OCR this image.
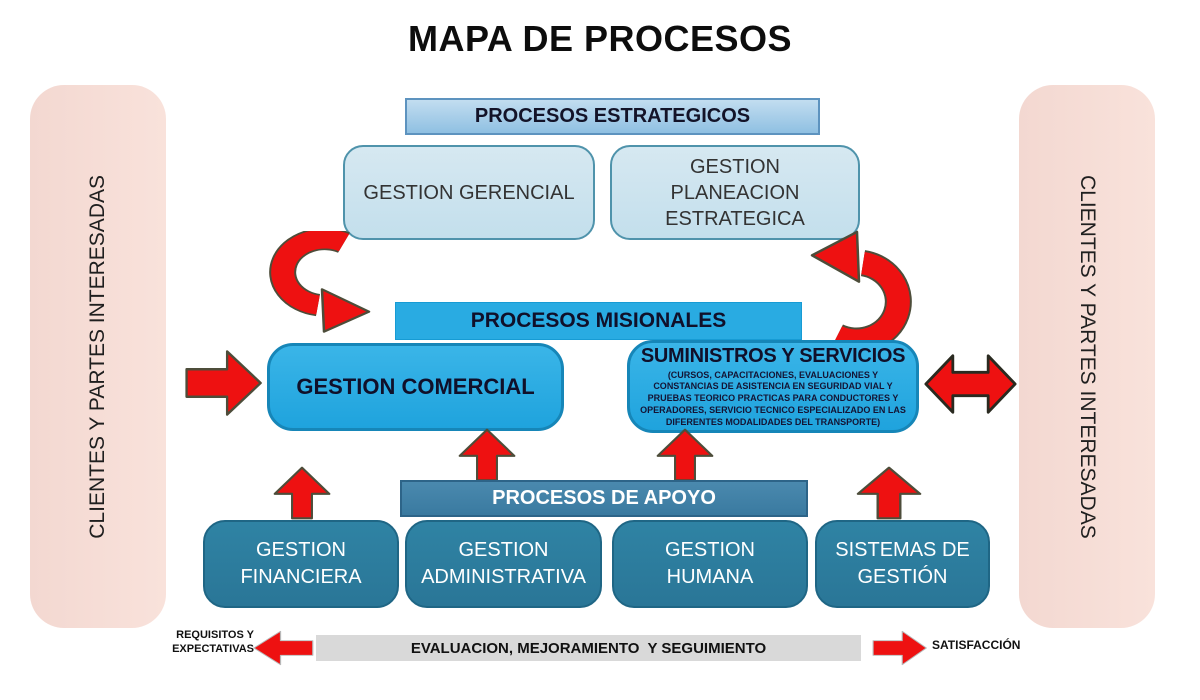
MAPA DE PROCESOS
CLIENTES Y PARTES INTERESADAS	CLIENTES Y PARTES INTERESADAS
PROCESOS ESTRATEGICOS
GESTION GERENCIAL
GESTION PLANEACION ESTRATEGICA
PROCESOS MISIONALES
GESTION COMERCIAL
SUMINISTROS Y SERVICIOS
(CURSOS, CAPACITACIONES, EVALUACIONES Y CONSTANCIAS DE ASISTENCIA EN SEGURIDAD VIAL Y PRUEBAS TEORICO PRACTICAS PARA CONDUCTORES Y OPERADORES, SERVICIO TECNICO ESPECIALIZADO EN LAS DIFERENTES MODALIDADES DEL TRANSPORTE)
PROCESOS DE APOYO
GESTION FINANCIERA
GESTION ADMINISTRATIVA
GESTION HUMANA
SISTEMAS DE GESTIÓN
REQUISITOS Y EXPECTATIVAS	EVALUACION, MEJORAMIENTO  Y SEGUIMIENTO	SATISFACCIÓN
